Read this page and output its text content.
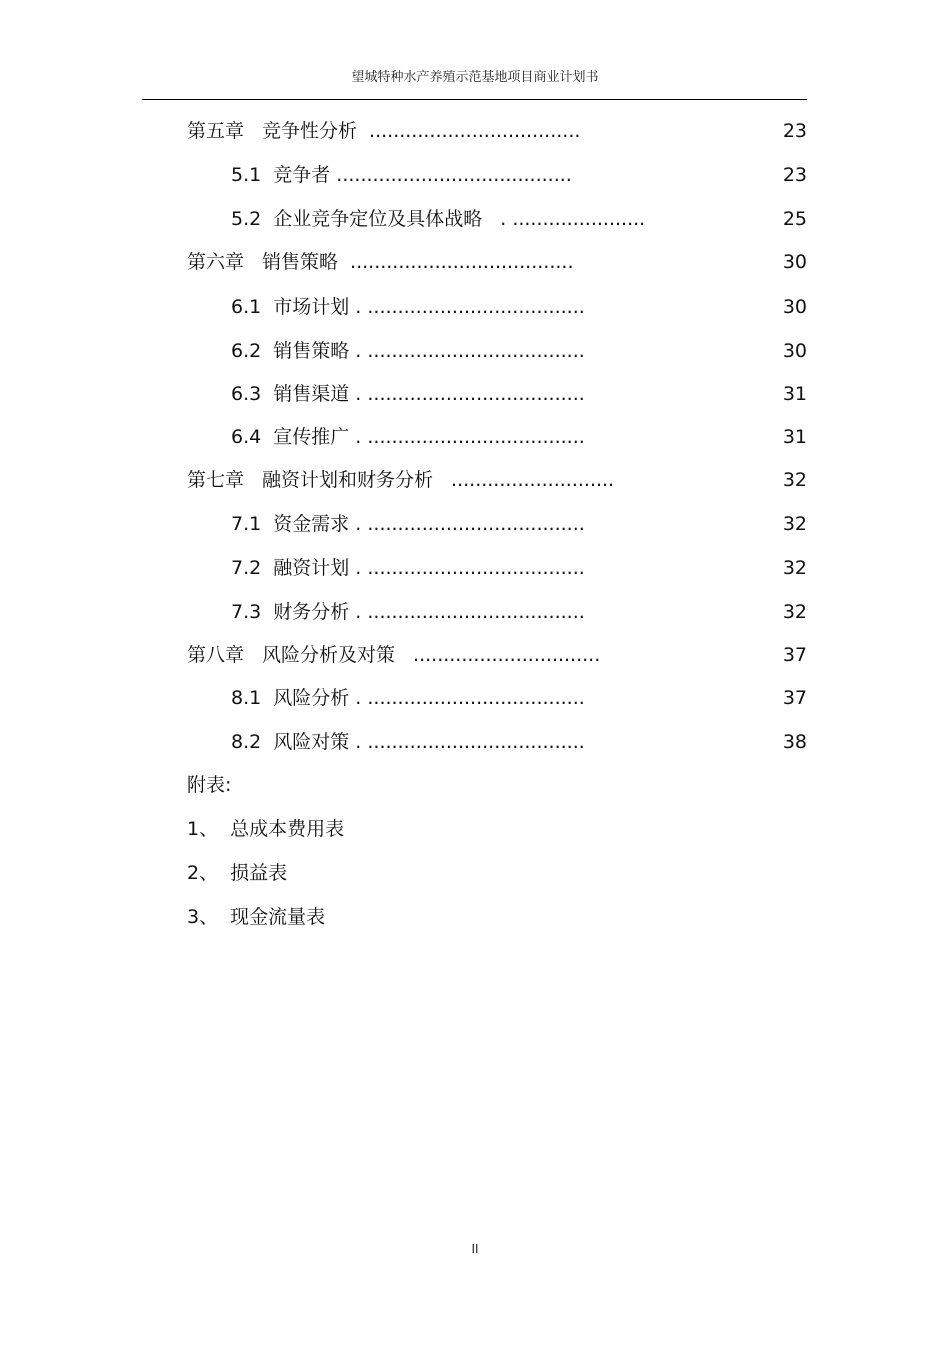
望城特种水产养殖示范基地项目商业计划书
第五章 竞争性分析 ...................................	23
5.1 竞争者 .......................................	23
5.2 企业竞争定位及具体战略 . ......................	25
第六章 销售策略 .....................................	30
6.1 市场计划 . ....................................	30
6.2 销售策略 . ....................................	30
6.3 销售渠道 . ....................................	31
6.4 宣传推广 . ....................................	31
第七章 融资计划和财务分析 ...........................	32
7.1 资金需求 . ....................................	32
7.2 融资计划 . ....................................	32
7.3 财务分析 . ....................................	32
第八章 风险分析及对策 ...............................	37
8.1 风险分析 . ....................................	37
8.2 风险对策 . ....................................	38
附表:
1、 总成本费用表
2、 损益表
3、 现金流量表
II
